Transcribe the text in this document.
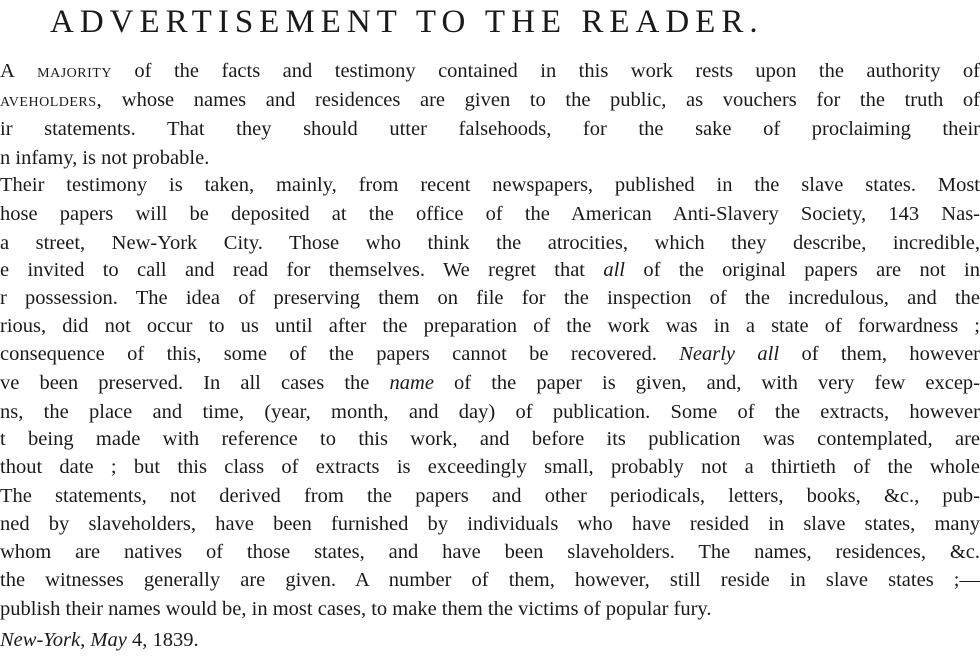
ADVERTISEMENT TO THE READER.
A majority of the facts and testimony contained in this work rests upon the authority of
aveholders, whose names and residences are given to the public, as vouchers for the truth of
ir statements. That they should utter falsehoods, for the sake of proclaiming their
n infamy, is not probable.
Their testimony is taken, mainly, from recent newspapers, published in the slave states. Most
hose papers will be deposited at the office of the American Anti-Slavery Society, 143 Nas-
a street, New-York City. Those who think the atrocities, which they describe, incredible,
e invited to call and read for themselves. We regret that all of the original papers are not in
r possession. The idea of preserving them on file for the inspection of the incredulous, and the
rious, did not occur to us until after the preparation of the work was in a state of forwardness ;
consequence of this, some of the papers cannot be recovered. Nearly all of them, however
ve been preserved. In all cases the name of the paper is given, and, with very few excep-
ns, the place and time, (year, month, and day) of publication. Some of the extracts, however
t being made with reference to this work, and before its publication was contemplated, are
thout date ; but this class of extracts is exceedingly small, probably not a thirtieth of the whole
The statements, not derived from the papers and other periodicals, letters, books, &c., pub-
ned by slaveholders, have been furnished by individuals who have resided in slave states, many
whom are natives of those states, and have been slaveholders. The names, residences, &c.
the witnesses generally are given. A number of them, however, still reside in slave states ;—
publish their names would be, in most cases, to make them the victims of popular fury.
New-York, May 4, 1839.
